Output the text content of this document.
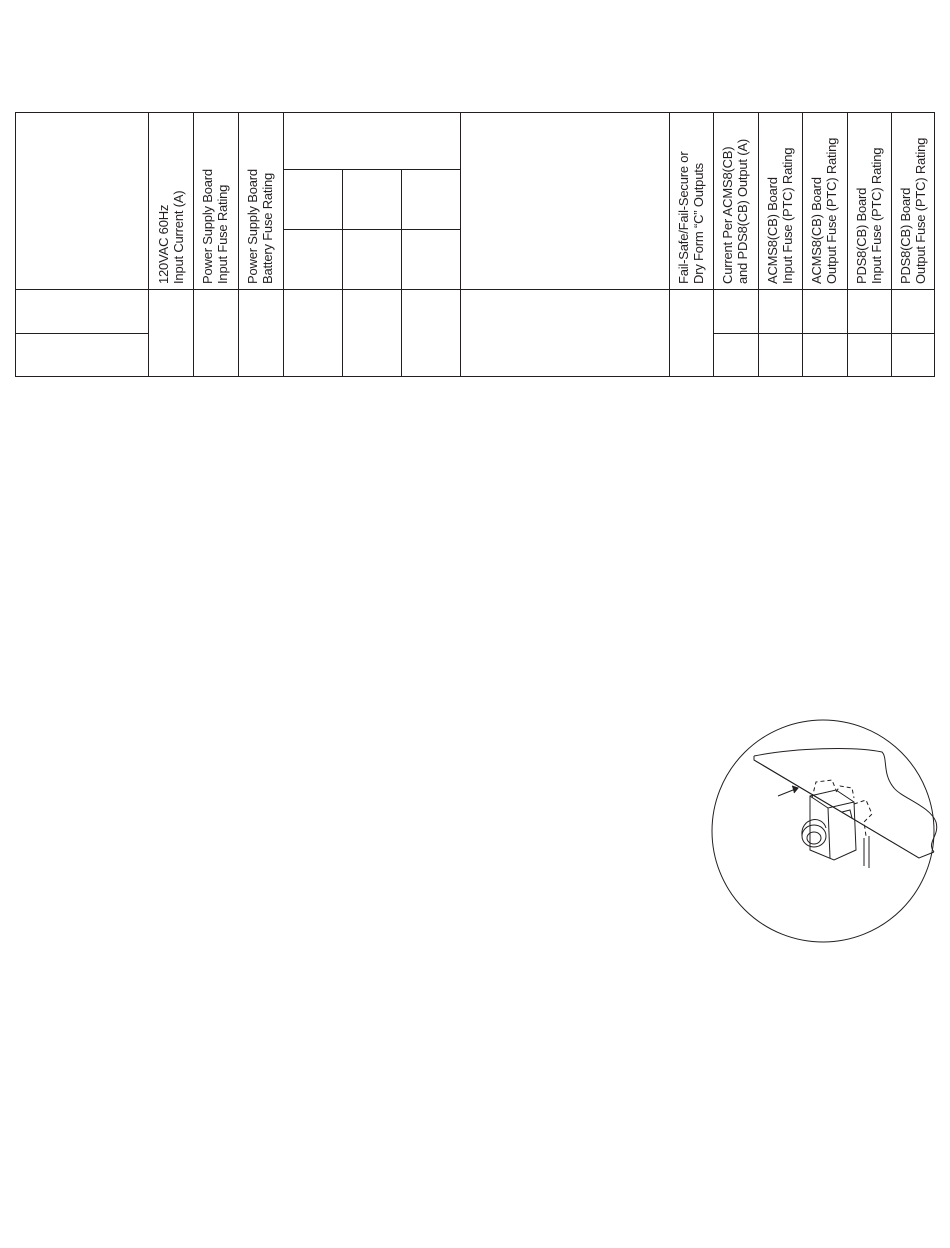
120VAC 60Hz Input Current (A) Power Supply Board Input Fuse Rating Power Supply Board Battery Fuse Rating	Fail-Safe/Fail-Secure or Dry Form “C” Outputs Current Per ACMS8(CB) and PDS8(CB) Output (A) ACMS8(CB) Board Input Fuse (PTC) Rating ACMS8(CB) Board Output Fuse (PTC) Rating PDS8(CB) Board Input Fuse (PTC) Rating PDS8(CB) Board Output Fuse (PTC) Rating
